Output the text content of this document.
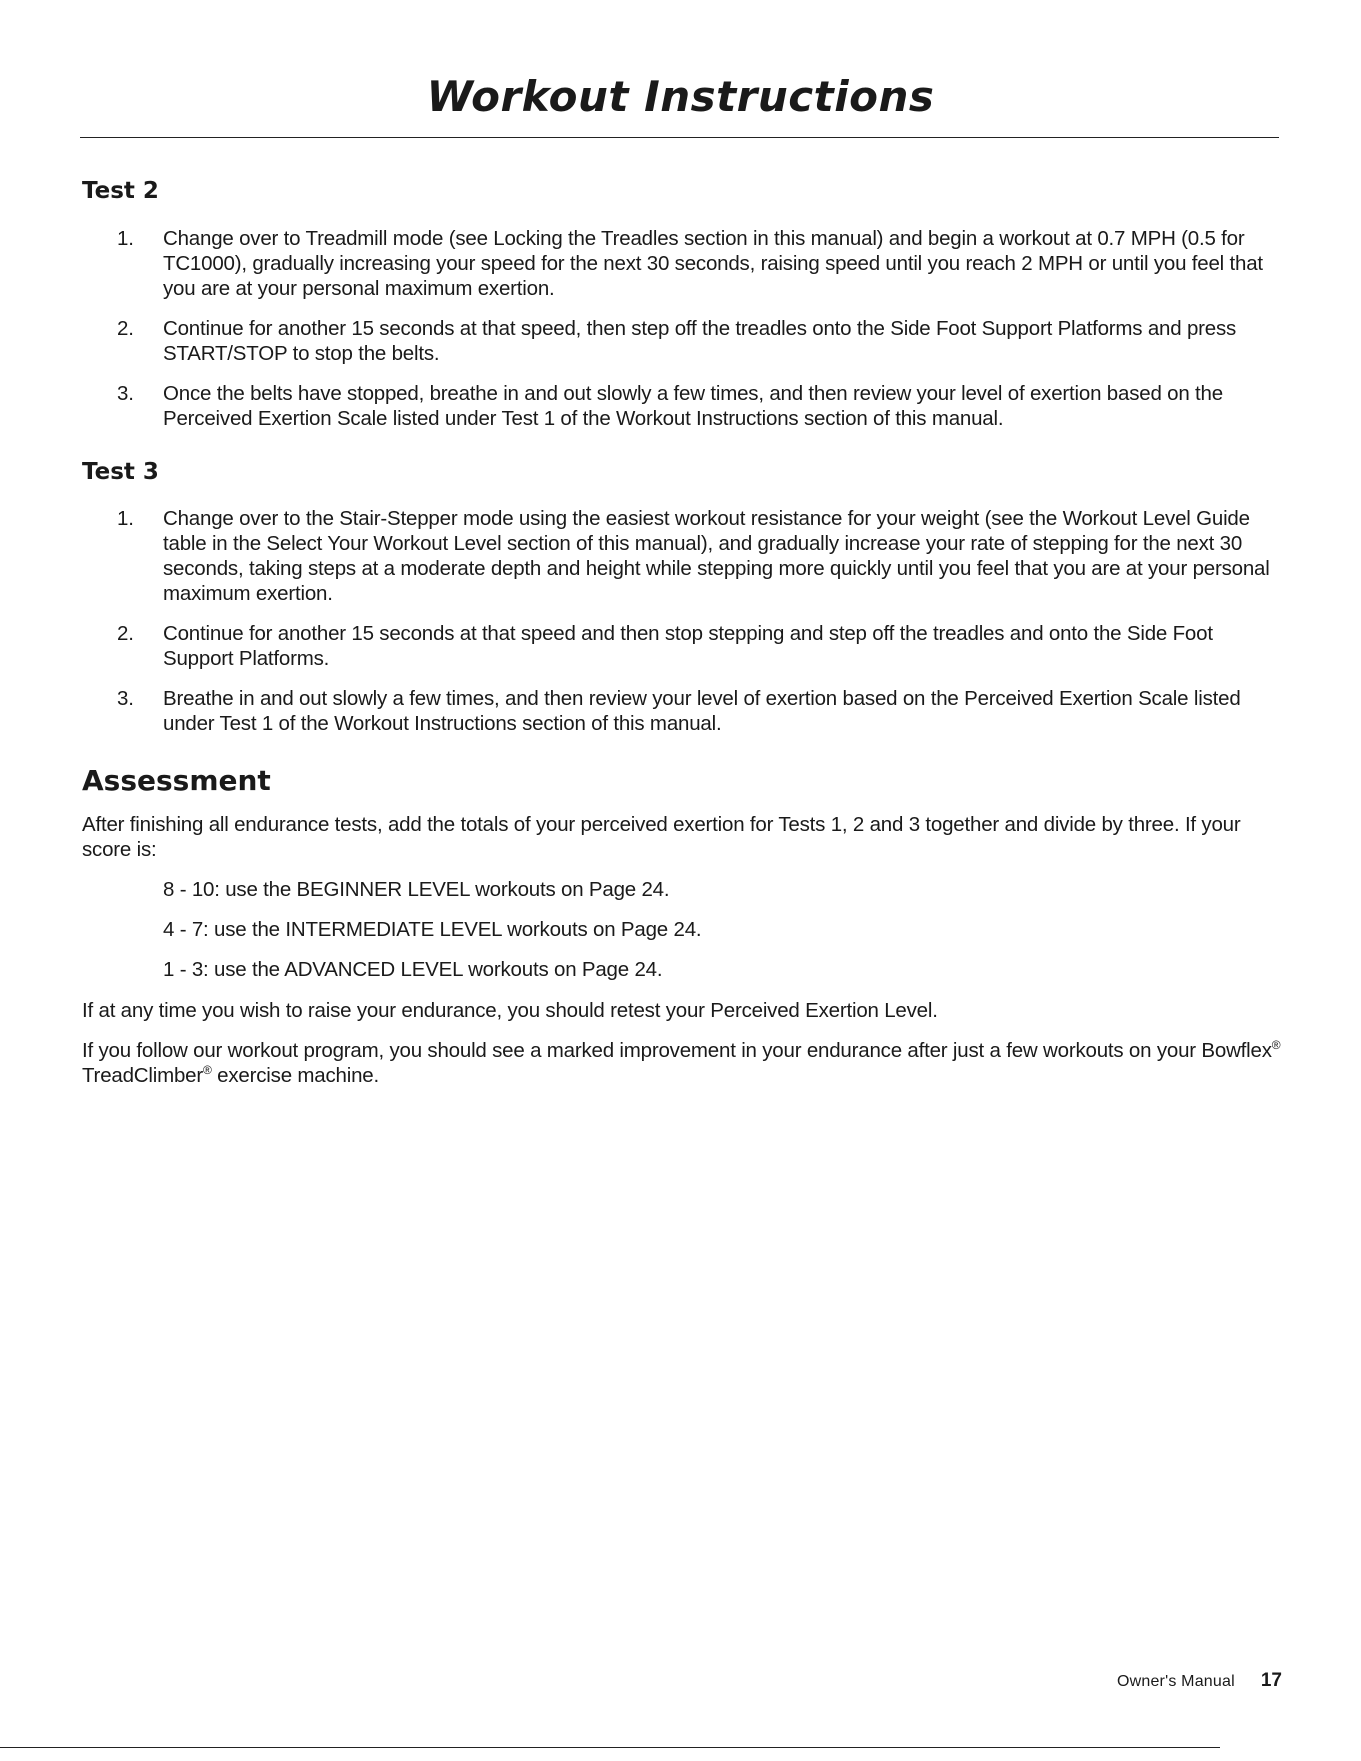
Workout Instructions
Test 2
1. Change over to Treadmill mode (see Locking the Treadles section in this manual) and begin a workout at 0.7 MPH (0.5 for TC1000), gradually increasing your speed for the next 30 seconds, raising speed until you reach 2 MPH or until you feel that you are at your personal maximum exertion.
2. Continue for another 15 seconds at that speed, then step off the treadles onto the Side Foot Support Platforms and press START/STOP to stop the belts.
3. Once the belts have stopped, breathe in and out slowly a few times, and then review your level of exertion based on the Perceived Exertion Scale listed under Test 1 of the Workout Instructions section of this manual.
Test 3
1. Change over to the Stair-Stepper mode using the easiest workout resistance for your weight (see the Workout Level Guide table in the Select Your Workout Level section of this manual), and gradually increase your rate of stepping for the next 30 seconds, taking steps at a moderate depth and height while stepping more quickly until you feel that you are at your personal maximum exertion.
2. Continue for another 15 seconds at that speed and then stop stepping and step off the treadles and onto the Side Foot Support Platforms.
3. Breathe in and out slowly a few times, and then review your level of exertion based on the Perceived Exertion Scale listed under Test 1 of the Workout Instructions section of this manual.
Assessment

After finishing all endurance tests, add the totals of your perceived exertion for Tests 1, 2 and 3 together and divide by three. If your score is:

8 - 10: use the BEGINNER LEVEL workouts on Page 24.
4 - 7: use the INTERMEDIATE LEVEL workouts on Page 24.
1 - 3: use the ADVANCED LEVEL workouts on Page 24.

If at any time you wish to raise your endurance, you should retest your Perceived Exertion Level.

If you follow our workout program, you should see a marked improvement in your endurance after just a few workouts on your Bowflex® TreadClimber® exercise machine.

Owner's Manual 17
